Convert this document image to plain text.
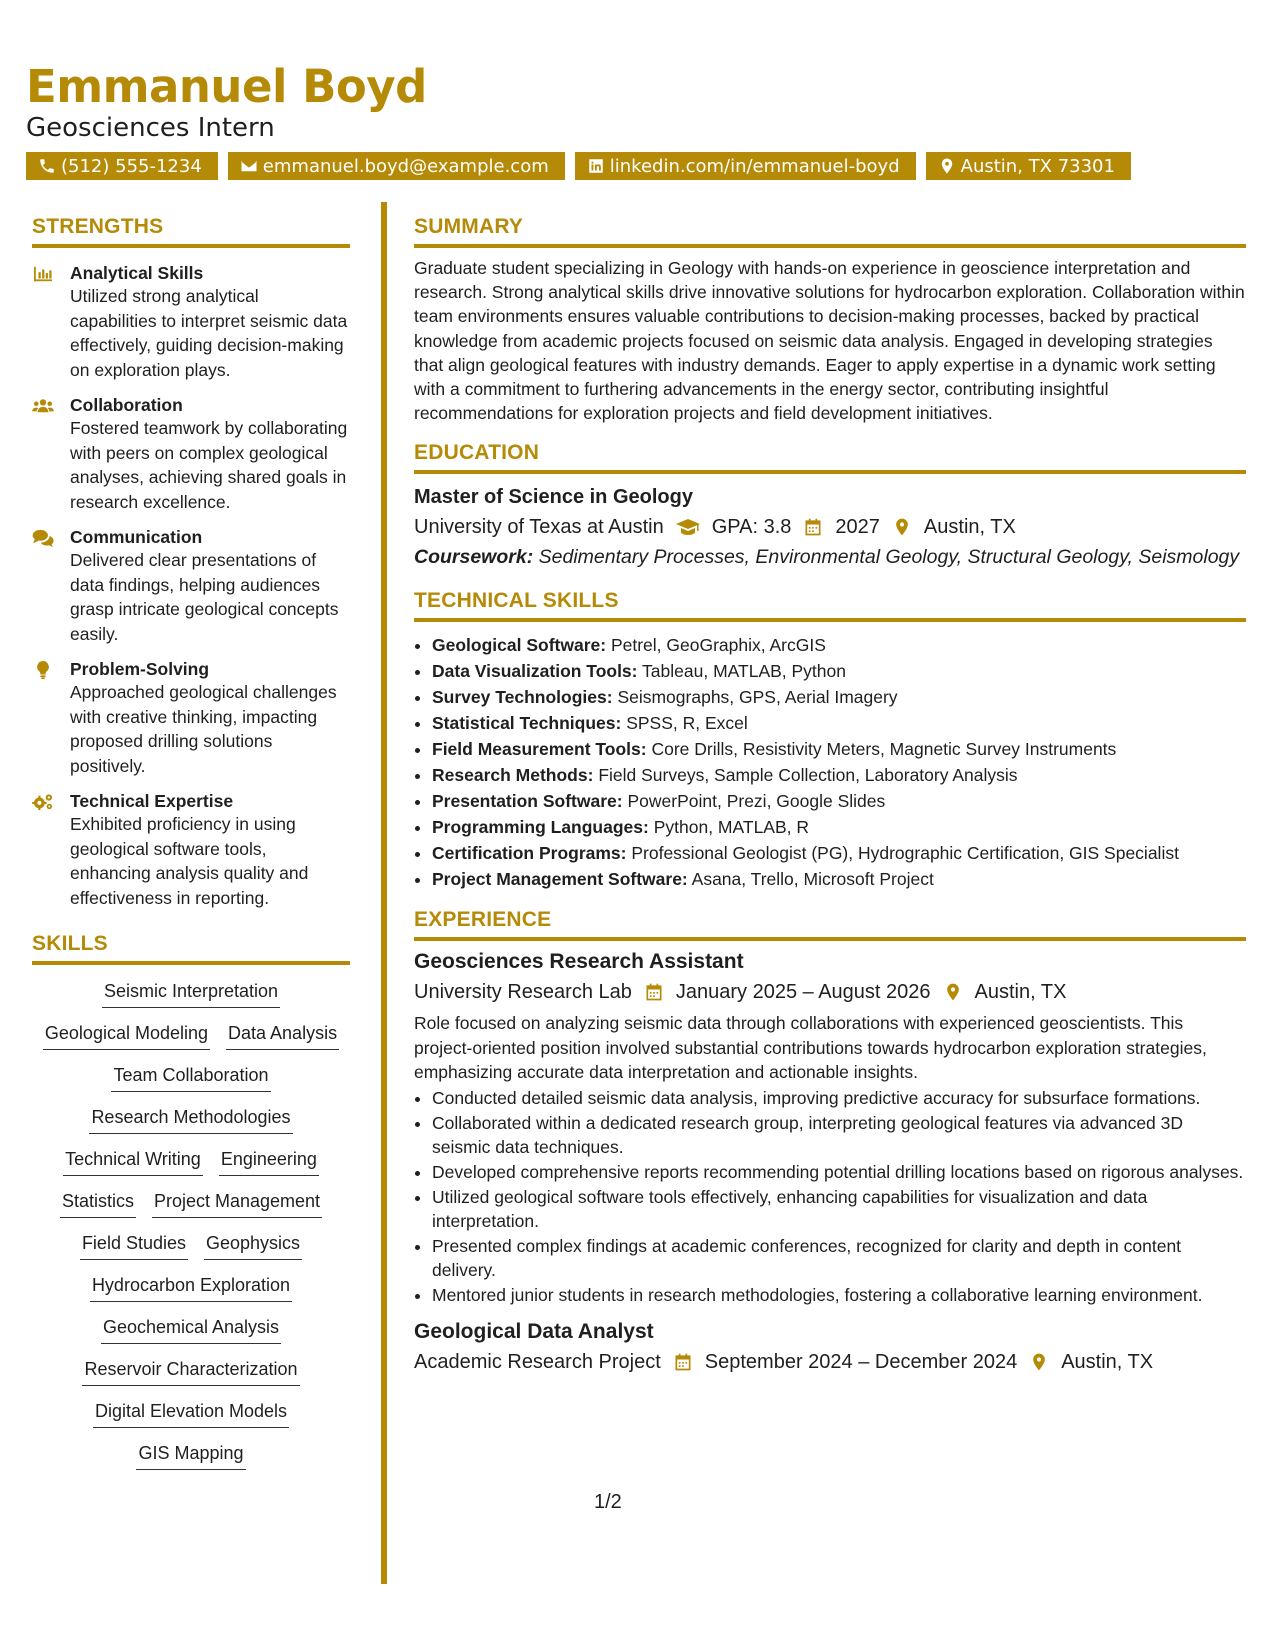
Emmanuel Boyd
Geosciences Intern
(512) 555-1234	emmanuel.boyd@example.com	linkedin.com/in/emmanuel-boyd	Austin, TX 73301
STRENGTHS
Analytical Skills
Utilized strong analytical capabilities to interpret seismic data effectively, guiding decision-making on exploration plays.
Collaboration
Fostered teamwork by collaborating with peers on complex geological analyses, achieving shared goals in research excellence.
Communication
Delivered clear presentations of data findings, helping audiences grasp intricate geological concepts easily.
Problem-Solving
Approached geological challenges with creative thinking, impacting proposed drilling solutions positively.
Technical Expertise
Exhibited proficiency in using geological software tools, enhancing analysis quality and effectiveness in reporting.
SKILLS
Seismic Interpretation
Geological Modeling Data Analysis
Team Collaboration
Research Methodologies
Technical Writing Engineering
Statistics Project Management
Field Studies Geophysics
Hydrocarbon Exploration
Geochemical Analysis
Reservoir Characterization
Digital Elevation Models
GIS Mapping
SUMMARY

Graduate student specializing in Geology with hands-on experience in geoscience interpretation and research. Strong analytical skills drive innovative solutions for hydrocarbon exploration. Collaboration within team environments ensures valuable contributions to decision-making processes, backed by practical knowledge from academic projects focused on seismic data analysis. Engaged in developing strategies that align geological features with industry demands. Eager to apply expertise in a dynamic work setting with a commitment to furthering advancements in the energy sector, contributing insightful recommendations for exploration projects and field development initiatives.

EDUCATION
Master of Science in Geology
University of Texas at Austin GPA: 3.8 2027 Austin, TX
Coursework: Sedimentary Processes, Environmental Geology, Structural Geology, Seismology
TECHNICAL SKILLS
• Geological Software: Petrel, GeoGraphix, ArcGIS
• Data Visualization Tools: Tableau, MATLAB, Python
• Survey Technologies: Seismographs, GPS, Aerial Imagery
• Statistical Techniques: SPSS, R, Excel
• Field Measurement Tools: Core Drills, Resistivity Meters, Magnetic Survey Instruments
• Research Methods: Field Surveys, Sample Collection, Laboratory Analysis
• Presentation Software: PowerPoint, Prezi, Google Slides
• Programming Languages: Python, MATLAB, R
• Certification Programs: Professional Geologist (PG), Hydrographic Certification, GIS Specialist
• Project Management Software: Asana, Trello, Microsoft Project
EXPERIENCE
Geosciences Research Assistant
University Research Lab January 2025 – August 2026 Austin, TX

Role focused on analyzing seismic data through collaborations with experienced geoscientists. This project-oriented position involved substantial contributions towards hydrocarbon exploration strategies, emphasizing accurate data interpretation and actionable insights.

• Conducted detailed seismic data analysis, improving predictive accuracy for subsurface formations.
• Collaborated within a dedicated research group, interpreting geological features via advanced 3D seismic data techniques.
• Developed comprehensive reports recommending potential drilling locations based on rigorous analyses.
• Utilized geological software tools effectively, enhancing capabilities for visualization and data interpretation.
• Presented complex findings at academic conferences, recognized for clarity and depth in content delivery.
• Mentored junior students in research methodologies, fostering a collaborative learning environment.
Geological Data Analyst
Academic Research Project September 2024 – December 2024 Austin, TX
1/2
